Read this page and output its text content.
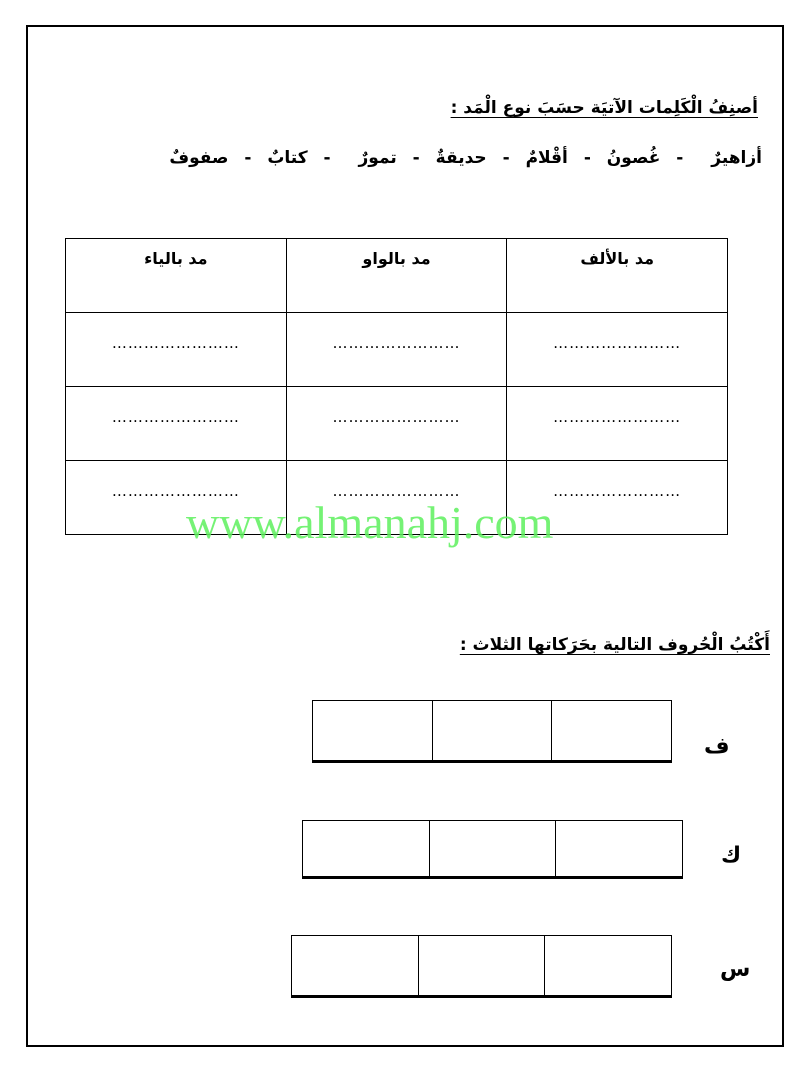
أصنِفُ الْكَلِمات الآتيَة حسَبَ نوع الْمَد :
أزاهيرٌ - غُصونُ - أقْلامٌ - حديقةٌ - تمورٌ - كتابٌ - صفوفٌ
مد بالألف	مد بالواو	مد بالياء
……………………	……………………	……………………
……………………	……………………	……………………
……………………	……………………	……………………
www.almanahj.com
أَكْتُبُ الْحُروف التالية بحَرَكاتها الثلاث :
ف
ك
س
